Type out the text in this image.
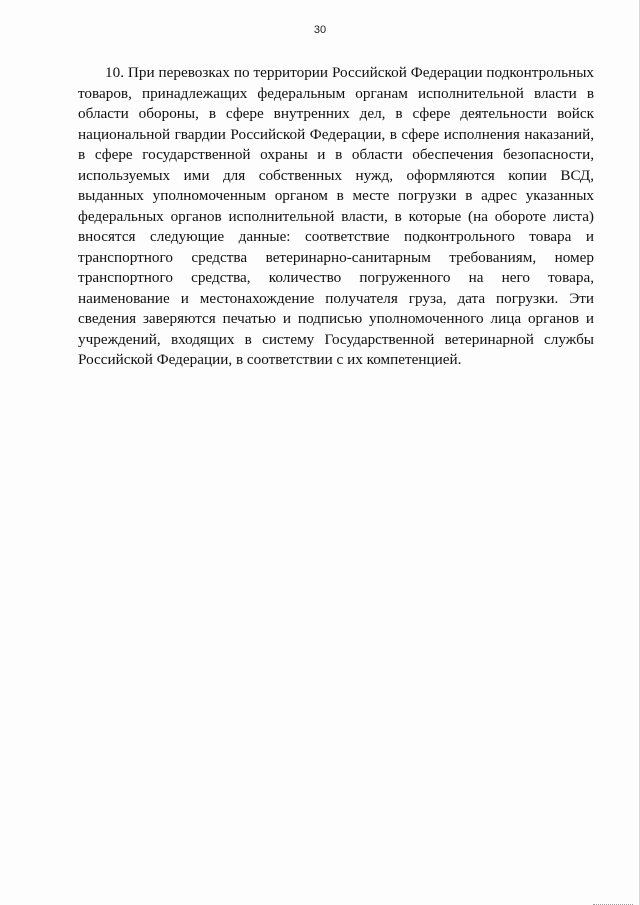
30

10. При перевозках по территории Российской Федерации подконтрольных товаров, принадлежащих федеральным органам исполнительной власти в области обороны, в сфере внутренних дел, в сфере деятельности войск национальной гвардии Российской Федерации, в сфере исполнения наказаний, в сфере государственной охраны и в области обеспечения безопасности, используемых ими для собственных нужд, оформляются копии ВСД, выданных уполномоченным органом в месте погрузки в адрес указанных федеральных органов исполнительной власти, в которые (на обороте листа) вносятся следующие данные: соответствие подконтрольного товара и транспортного средства ветеринарно-санитарным требованиям, номер транспортного средства, количество погруженного на него товара, наименование и местонахождение получателя груза, дата погрузки. Эти сведения заверяются печатью и подписью уполномоченного лица органов и учреждений, входящих в систему Государственной ветеринарной службы Российской Федерации, в соответствии с их компетенцией.
